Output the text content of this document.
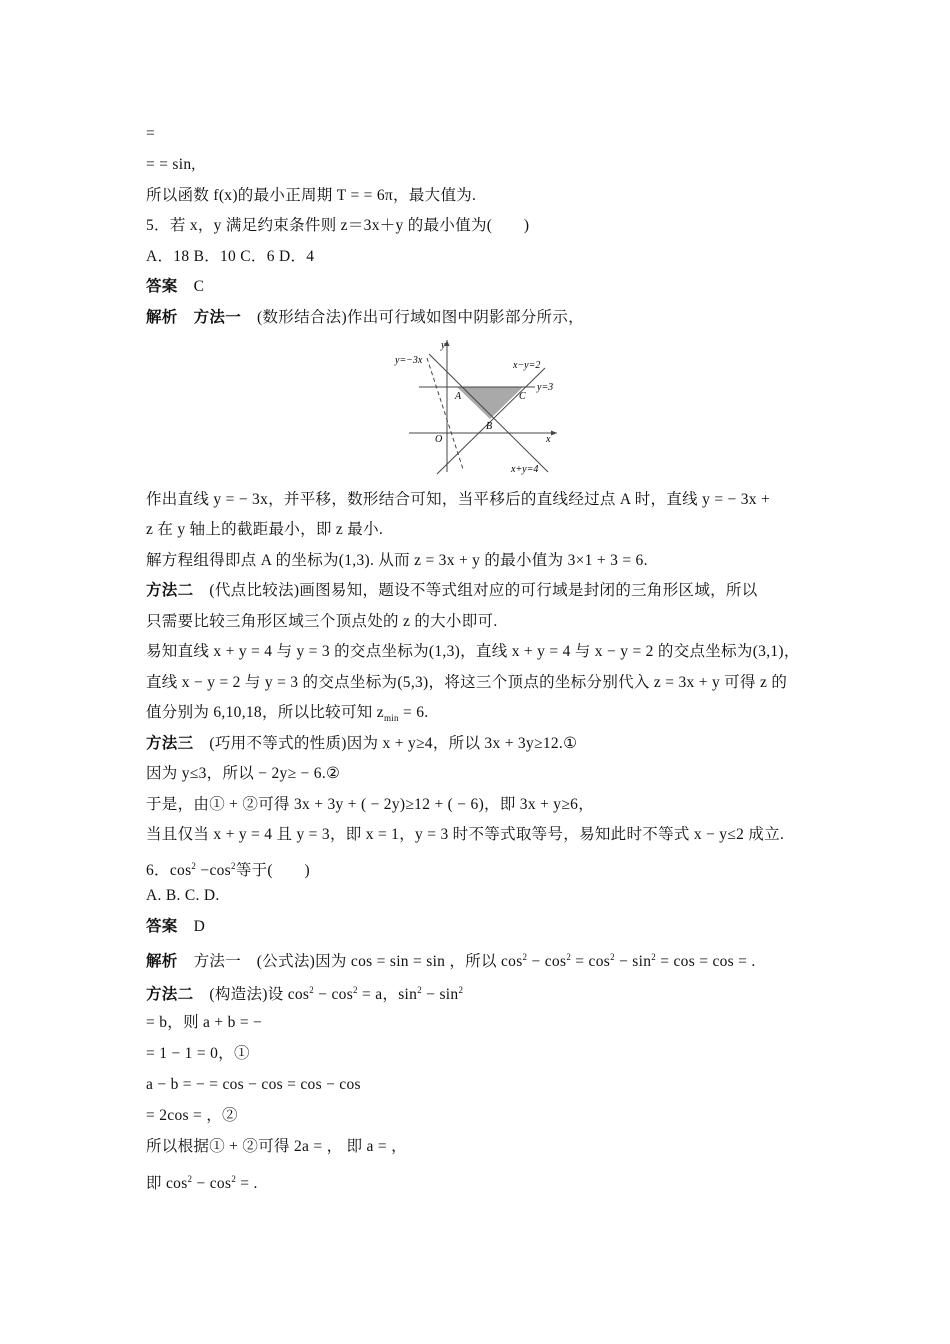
=
= = sin,
所以函数 f(x)的最小正周期 T = = 6π，最大值为.
5．若 x，y 满足约束条件则 z＝3x＋y 的最小值为(　　)
A．18 B．10 C．6 D．4
答案 C
解析 方法一 (数形结合法)作出可行域如图中阴影部分所示，
y
x
O
y=−3x	x−y=2
y=3
x+y=4
A
B
C
作出直线 y = − 3x，并平移，数形结合可知，当平移后的直线经过点 A 时，直线 y = − 3x +
z 在 y 轴上的截距最小，即 z 最小.
解方程组得即点 A 的坐标为(1,3). 从而 z = 3x + y 的最小值为 3×1 + 3 = 6.
方法二 (代点比较法)画图易知，题设不等式组对应的可行域是封闭的三角形区域，所以
只需要比较三角形区域三个顶点处的 z 的大小即可.
易知直线 x + y = 4 与 y = 3 的交点坐标为(1,3)，直线 x + y = 4 与 x − y = 2 的交点坐标为(3,1)，
直线 x − y = 2 与 y = 3 的交点坐标为(5,3)，将这三个顶点的坐标分别代入 z = 3x + y 可得 z 的
值分别为 6,10,18，所以比较可知 $z_{min} = 6$.
方法三 (巧用不等式的性质)因为 x + y≥4，所以 3x + 3y≥12.①
因为 y≤3，所以 − 2y≥ − 6.②
于是，由① + ②可得 3x + 3y + ( − 2y)≥12 + ( − 6)，即 3x + y≥6，
当且仅当 x + y = 4 且 y = 3，即 x = 1，y = 3 时不等式取等号，易知此时不等式 x − y≤2 成立.
6．$\cos^2 -\cos^2$等于(　　)
A. B. C. D.
答案 D
解析 方法一　(公式法)因为 cos = sin = sin ，所以 $\cos^2 - \cos^2 = \cos^2 - \sin^2 = \cos = \cos$ = .
方法二 (构造法)设 $\cos^2 - \cos^2 = a$，$\sin^2 - \sin^2$
= b，则 a + b = −
= 1 − 1 = 0，①
a − b = − = cos − cos = cos − cos
= 2cos = ，②
所以根据① + ②可得 2a = ， 即 a = ，
即 $\cos^2 - \cos^2$ = .
